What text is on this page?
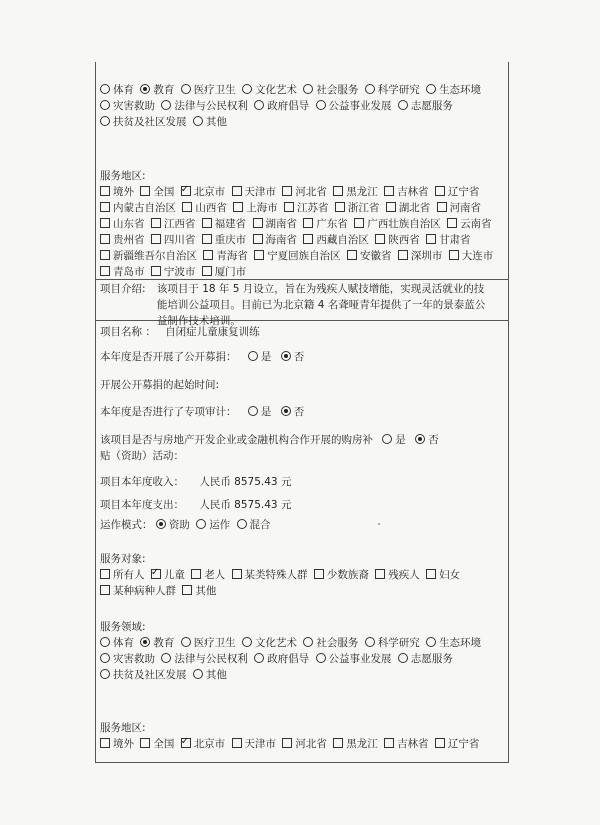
体育 教育 医疗卫生 文化艺术 社会服务 科学研究 生态环境 灾害救助 法律与公民权利 政府倡导 公益事业发展 志愿服务 扶贫及社区发展 其他
服务地区:
境外 全国 ✓ 北京市 天津市 河北省 黑龙江 吉林省 辽宁省 内蒙古自治区 山西省 上海市 江苏省 浙江省 湖北省 河南省 山东省 江西省 福建省 湖南省 广东省 广西壮族自治区 云南省 贵州省 四川省 重庆市 海南省 西藏自治区 陕西省 甘肃省 新疆维吾尔自治区 青海省 宁夏回族自治区 安徽省 深圳市 大连市 青岛市 宁波市 厦门市
项目介绍: 该项目于 18 年 5 月设立，旨在为残疾人赋技增能，实现灵活就业的技能培训公益项目。目前已为北京籍 4 名聋哑青年提供了一年的景泰蓝公益制作技术培训。
项目名称 ： 自闭症儿童康复训练
本年度是否开展了公开募捐： 是 否
开展公开募捐的起始时间:
本年度是否进行了专项审计： 是 否
该项目是否与房地产开发企业或金融机构合作开展的购房补 是 否
贴（资助）活动：
项目本年度收入： 人民币 8575.43 元
项目本年度支出： 人民币 8575.43 元
运作模式： 资助 运作 混合
服务对象:
所有人 ✓ 儿童 老人 某类特殊人群 少数族裔 残疾人 妇女 某种病种人群 其他
服务领域:
体育 教育 医疗卫生 文化艺术 社会服务 科学研究 生态环境 灾害救助 法律与公民权利 政府倡导 公益事业发展 志愿服务 扶贫及社区发展 其他
服务地区:
境外 全国 ✓ 北京市 天津市 河北省 黑龙江 吉林省 辽宁省
